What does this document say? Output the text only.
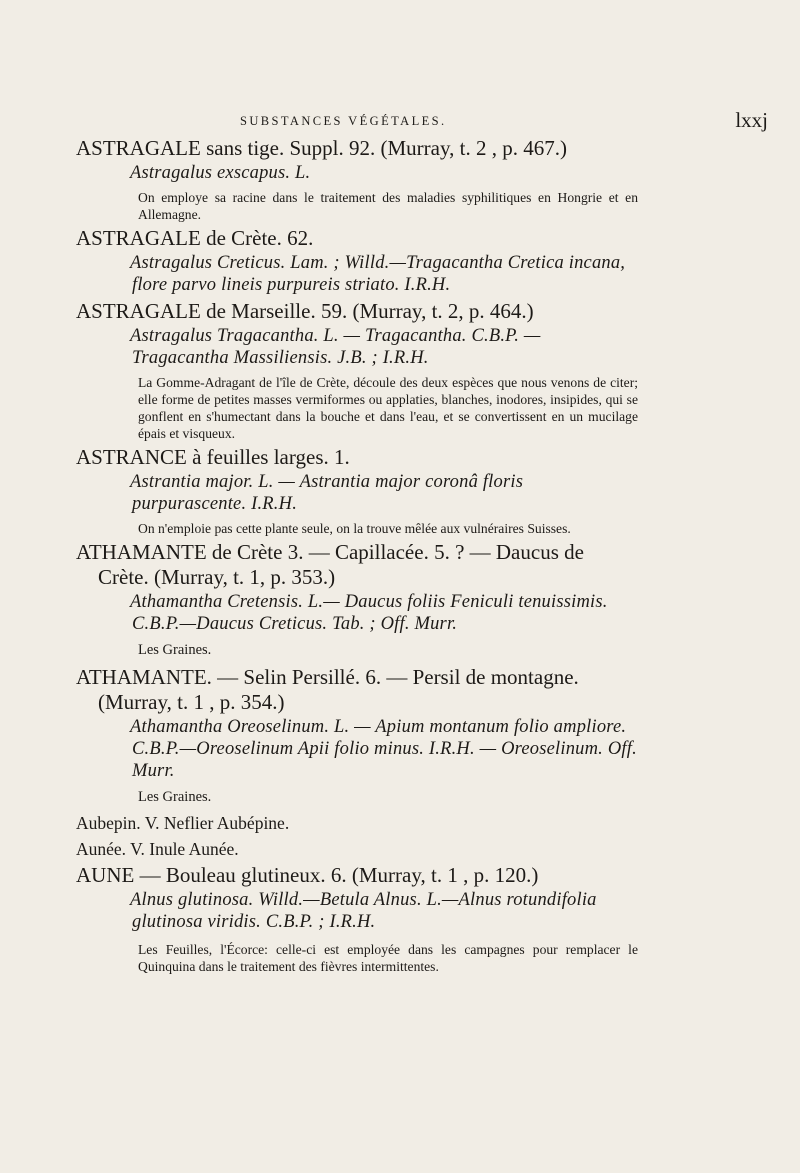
SUBSTANCES VÉGÉTALES.	lxxj

ASTRAGALE sans tige. Suppl. 92. (Murray, t. 2 , p. 467.)

Astragalus exscapus. L.

On employe sa racine dans le traitement des maladies syphilitiques en Hongrie et en Allemagne.

ASTRAGALE de Crète. 62.

Astragalus Creticus. Lam. ; Willd.—Tragacantha Cretica incana, flore parvo lineis purpureis striato. I.R.H.

ASTRAGALE de Marseille. 59. (Murray, t. 2, p. 464.)

Astragalus Tragacantha. L. — Tragacantha. C.B.P. — Tragacantha Massiliensis. J.B. ; I.R.H.

La Gomme-Adragant de l'île de Crète, découle des deux espèces que nous venons de citer; elle forme de petites masses vermiformes ou applaties, blanches, inodores, insipides, qui se gonflent en s'humectant dans la bouche et dans l'eau, et se convertissent en un mucilage épais et visqueux.

ASTRANCE à feuilles larges. 1.

Astrantia major. L. — Astrantia major coronâ floris purpurascente. I.R.H.

On n'emploie pas cette plante seule, on la trouve mêlée aux vulnéraires Suisses.

ATHAMANTE de Crète 3. — Capillacée. 5. ? — Daucus de Crète. (Murray, t. 1, p. 353.)

Athamantha Cretensis. L.— Daucus foliis Feniculi tenuissimis. C.B.P.—Daucus Creticus. Tab. ; Off. Murr.

Les Graines.

ATHAMANTE. — Selin Persillé. 6. — Persil de montagne. (Murray, t. 1 , p. 354.)

Athamantha Oreoselinum. L. — Apium montanum folio ampliore. C.B.P.—Oreoselinum Apii folio minus. I.R.H. — Oreoselinum. Off. Murr.

Les Graines.

Aubepin. V. Neflier Aubépine.

Aunée. V. Inule Aunée.

AUNE — Bouleau glutineux. 6. (Murray, t. 1 , p. 120.)

Alnus glutinosa. Willd.—Betula Alnus. L.—Alnus rotundifolia glutinosa viridis. C.B.P. ; I.R.H.

Les Feuilles, l'Écorce: celle-ci est employée dans les campagnes pour remplacer le Quinquina dans le traitement des fièvres intermittentes.
